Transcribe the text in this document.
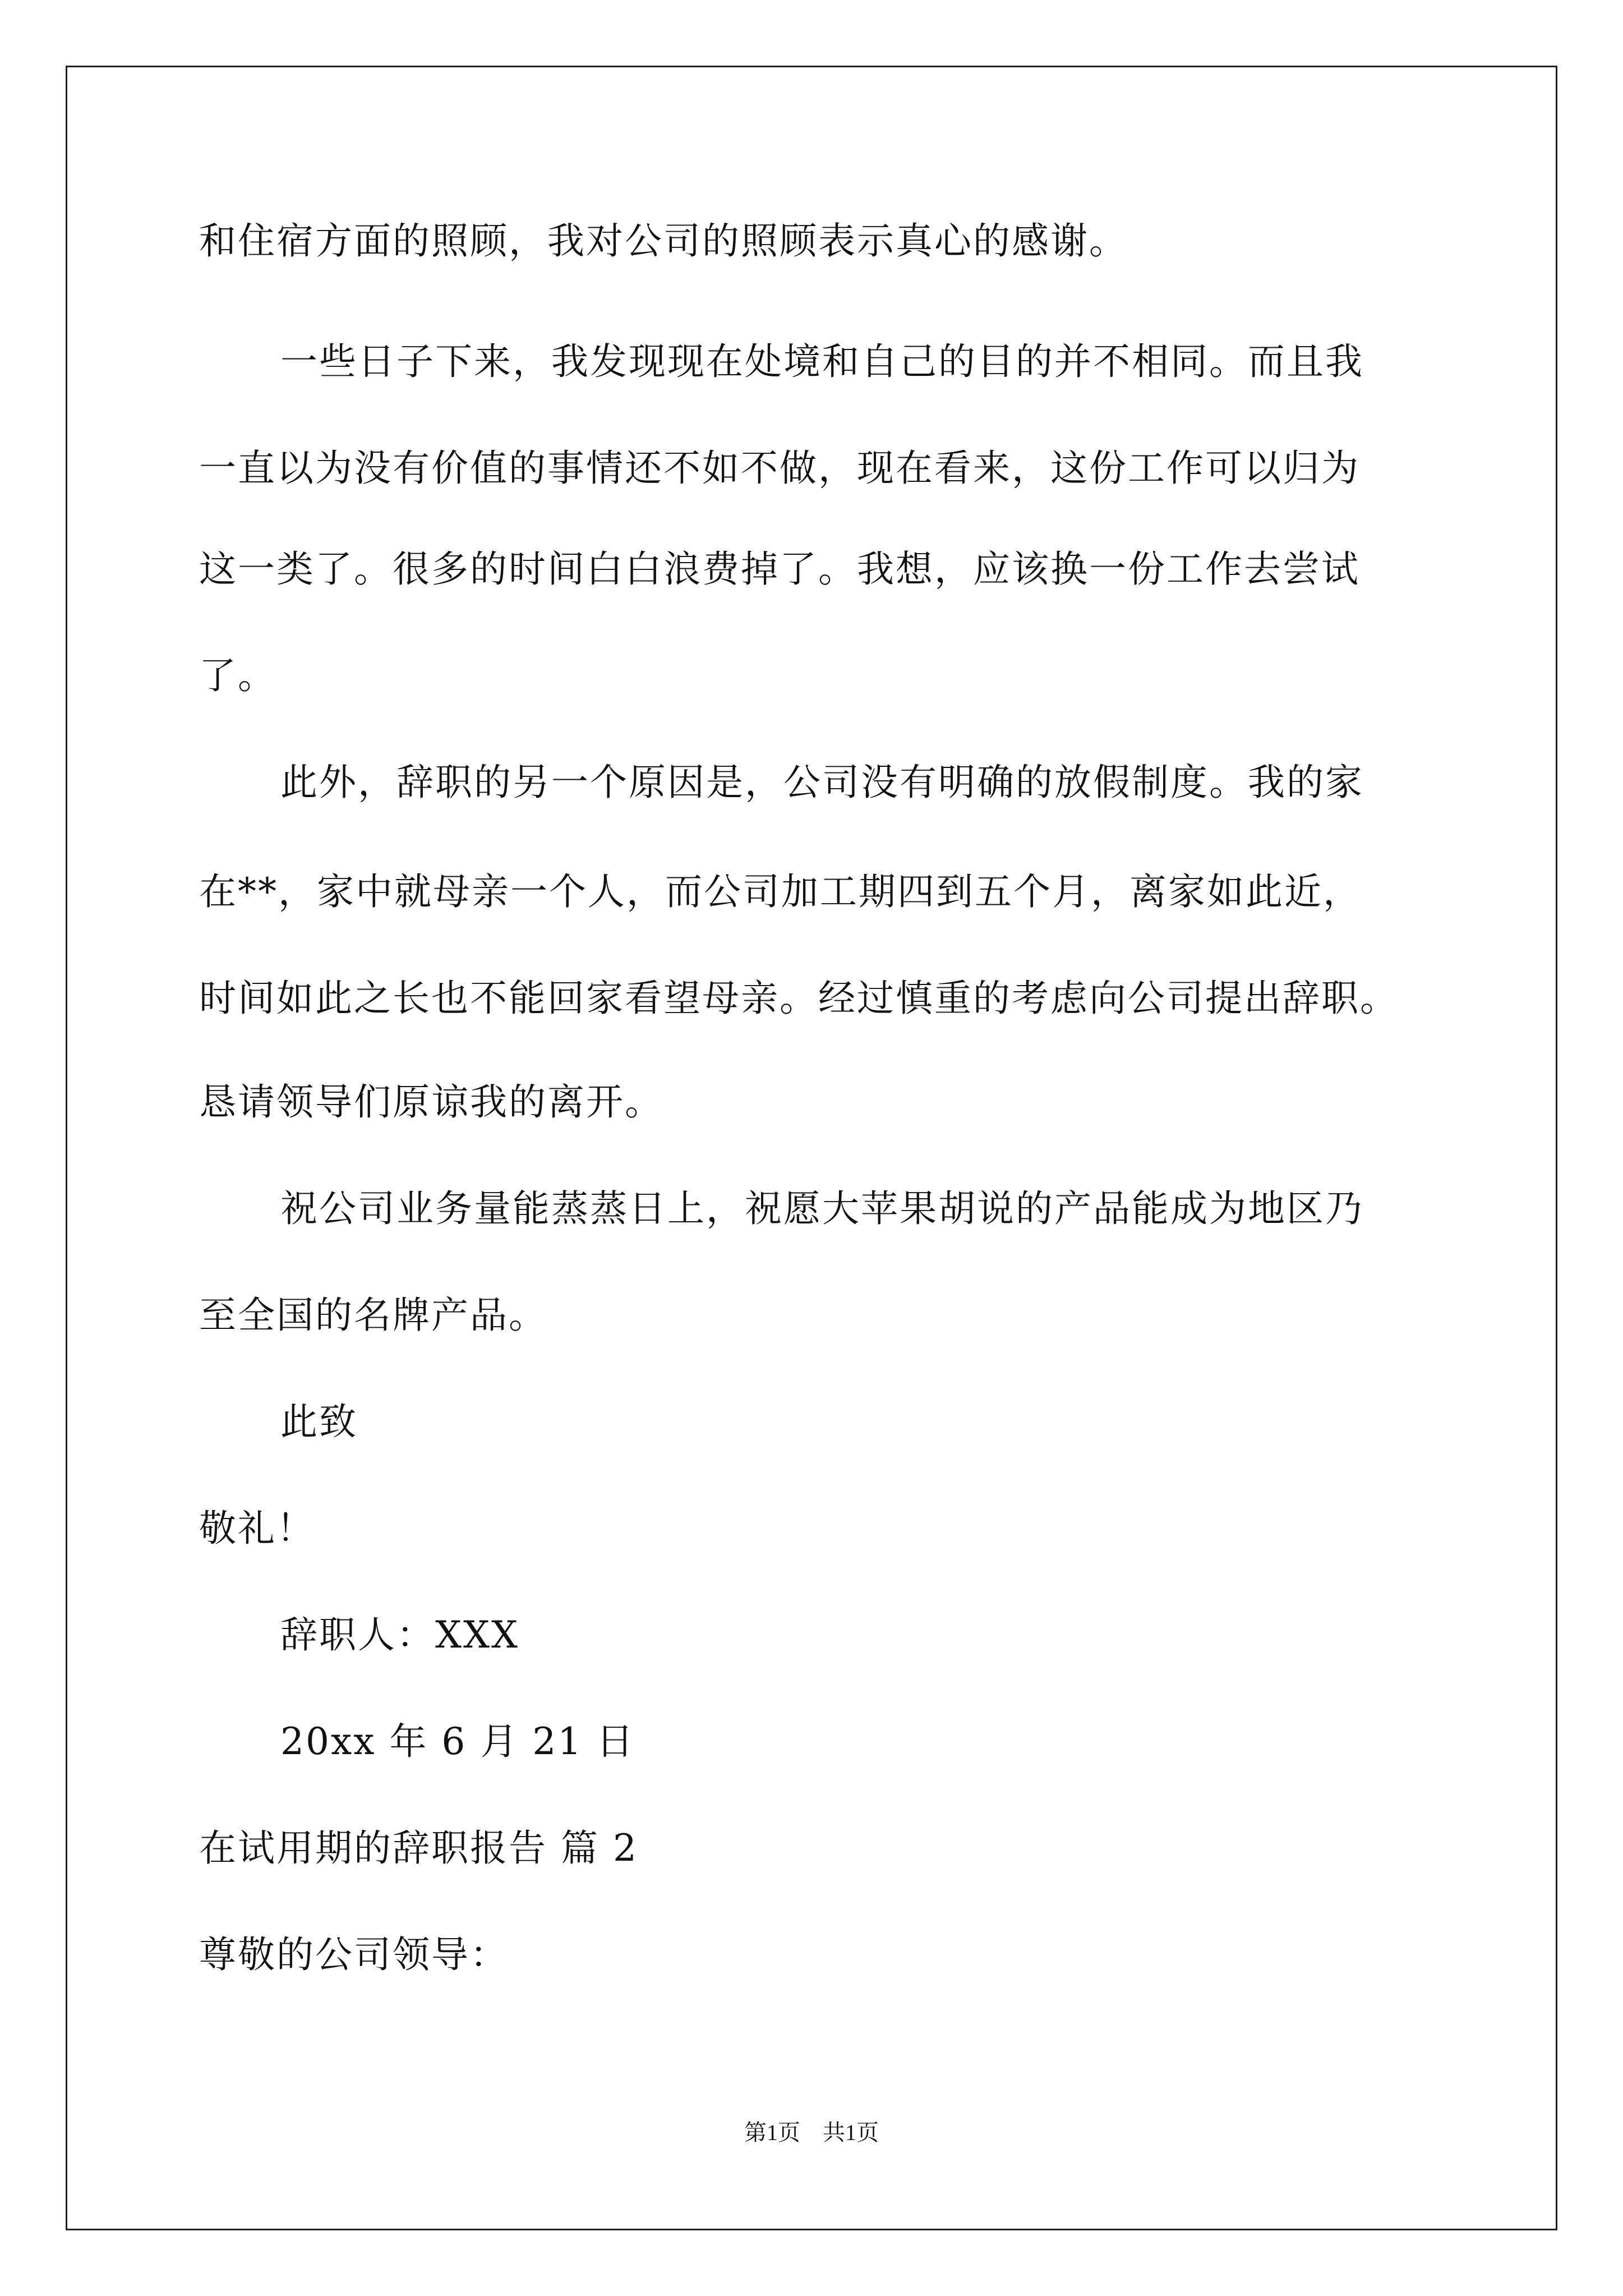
和住宿方面的照顾，我对公司的照顾表示真心的感谢。
一些日子下来，我发现现在处境和自己的目的并不相同。而且我
一直以为没有价值的事情还不如不做，现在看来，这份工作可以归为
这一类了。很多的时间白白浪费掉了。我想，应该换一份工作去尝试
了。
此外，辞职的另一个原因是，公司没有明确的放假制度。我的家
在**，家中就母亲一个人，而公司加工期四到五个月，离家如此近，
时间如此之长也不能回家看望母亲。经过慎重的考虑向公司提出辞职。
恳请领导们原谅我的离开。
祝公司业务量能蒸蒸日上，祝愿大苹果胡说的产品能成为地区乃
至全国的名牌产品。
此致
敬礼！
辞职人：XXX
20xx 年 6 月 21 日
在试用期的辞职报告 篇 2
尊敬的公司领导：
第1页　共1页
